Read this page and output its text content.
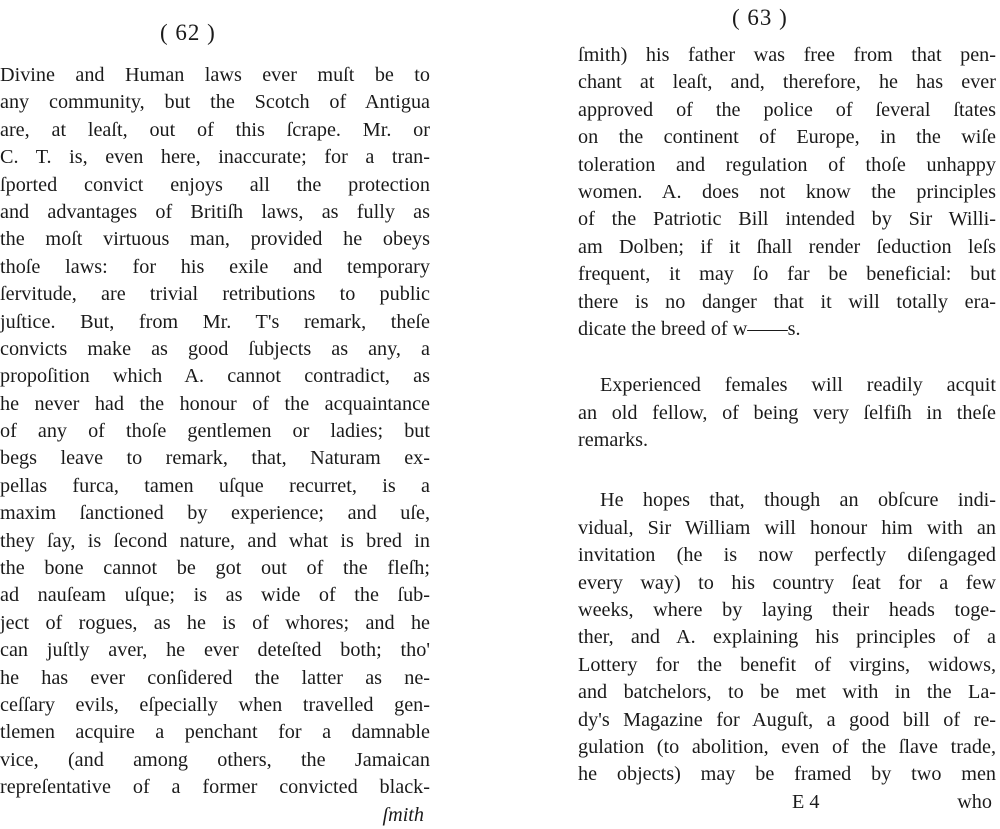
( 62 )
Divine and Human laws ever muſt be to
any community, but the Scotch of Antigua
are, at leaſt, out of this ſcrape. Mr. or
C. T. is, even here, inaccurate; for a tran-
ſported convict enjoys all the protection
and advantages of Britiſh laws, as fully as
the moſt virtuous man, provided he obeys
thoſe laws: for his exile and temporary
ſervitude, are trivial retributions to public
juſtice. But, from Mr. T's remark, theſe
convicts make as good ſubjects as any, a
propoſition which A. cannot contradict, as
he never had the honour of the acquaintance
of any of thoſe gentlemen or ladies; but
begs leave to remark, that, Naturam ex-
pellas furca, tamen uſque recurret, is a
maxim ſanctioned by experience; and uſe,
they ſay, is ſecond nature, and what is bred in
the bone cannot be got out of the fleſh;
ad nauſeam uſque; is as wide of the ſub-
ject of rogues, as he is of whores; and he
can juſtly aver, he ever deteſted both; tho'
he has ever conſidered the latter as ne-
ceſſary evils, eſpecially when travelled gen-
tlemen acquire a penchant for a damnable
vice, (and among others, the Jamaican
repreſentative of a former convicted black-
ſmith
( 63 )
ſmith) his father was free from that pen-
chant at leaſt, and, therefore, he has ever
approved of the police of ſeveral ſtates
on the continent of Europe, in the wiſe
toleration and regulation of thoſe unhappy
women. A. does not know the principles
of the Patriotic Bill intended by Sir Willi-
am Dolben; if it ſhall render ſeduction leſs
frequent, it may ſo far be beneficial: but
there is no danger that it will totally era-
dicate the breed of w——s.
Experienced females will readily acquit
an old fellow, of being very ſelfiſh in theſe
remarks.
He hopes that, though an obſcure indi-
vidual, Sir William will honour him with an
invitation (he is now perfectly diſengaged
every way) to his country ſeat for a few
weeks, where by laying their heads toge-
ther, and A. explaining his principles of a
Lottery for the benefit of virgins, widows,
and batchelors, to be met with in the La-
dy's Magazine for Auguſt, a good bill of re-
gulation (to abolition, even of the ſlave trade,
he objects) may be framed by two men
E 4	who
